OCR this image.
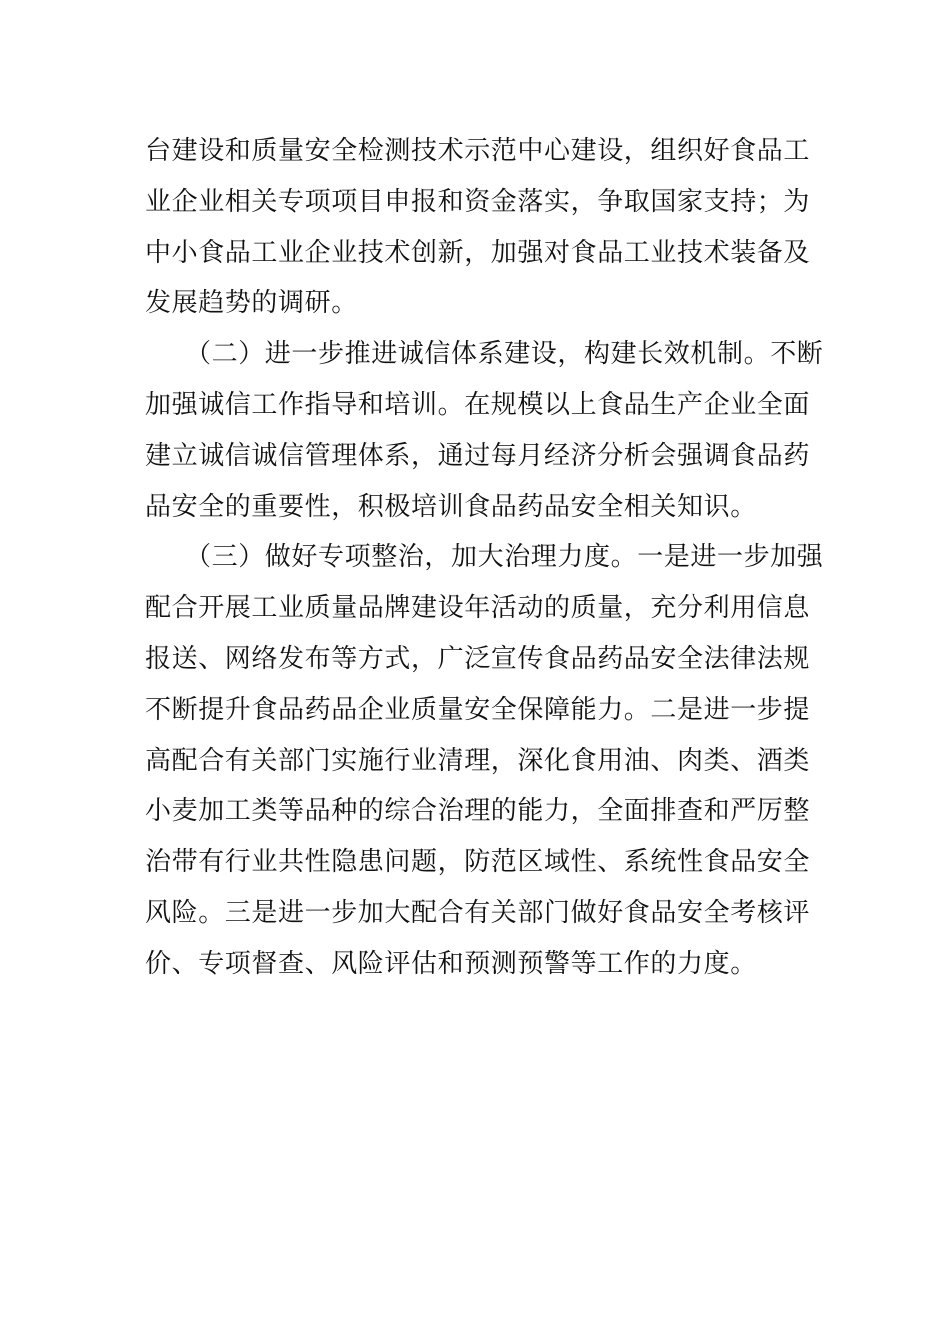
台建设和质量安全检测技术示范中心建设，组织好食品工
业企业相关专项项目申报和资金落实，争取国家支持；为
中小食品工业企业技术创新，加强对食品工业技术装备及
发展趋势的调研。
（二）进一步推进诚信体系建设，构建长效机制。不断
加强诚信工作指导和培训。在规模以上食品生产企业全面
建立诚信诚信管理体系，通过每月经济分析会强调食品药
品安全的重要性，积极培训食品药品安全相关知识。
（三）做好专项整治，加大治理力度。一是进一步加强
配合开展工业质量品牌建设年活动的质量，充分利用信息
报送、网络发布等方式，广泛宣传食品药品安全法律法规
不断提升食品药品企业质量安全保障能力。二是进一步提
高配合有关部门实施行业清理，深化食用油、肉类、酒类
小麦加工类等品种的综合治理的能力，全面排查和严厉整
治带有行业共性隐患问题，防范区域性、系统性食品安全
风险。三是进一步加大配合有关部门做好食品安全考核评
价、专项督查、风险评估和预测预警等工作的力度。
